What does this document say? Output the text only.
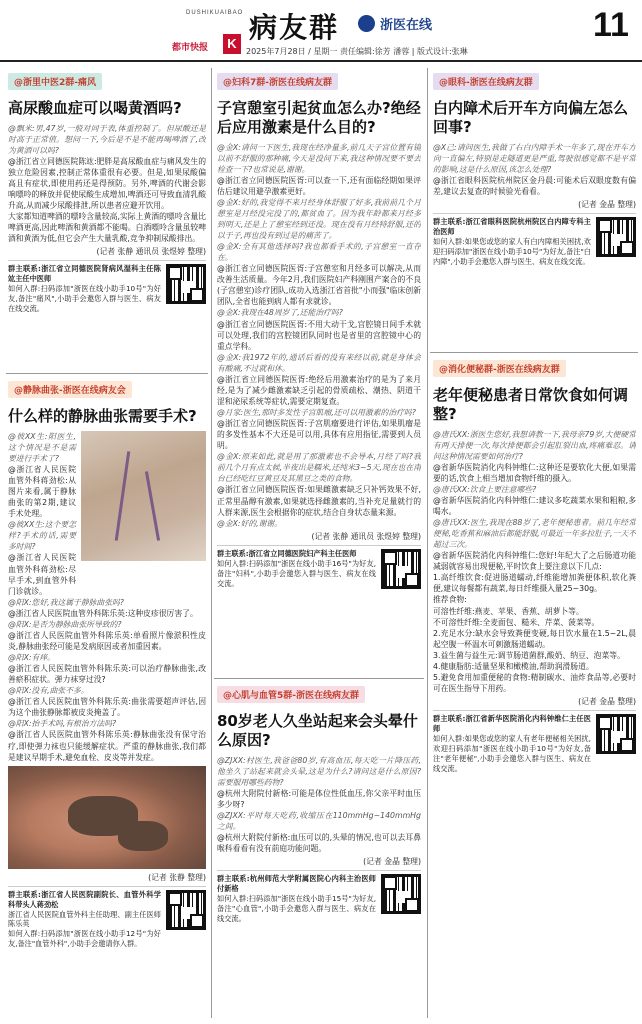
DUSHIKUAIBAO
都市快报	K 病友群	浙医在线
2025年7月28日 / 星期一 责任编辑:徐芳 潘蓉 | 版式设计:张琳
11
@浙里中医2群-痛风
高尿酸血症可以喝黄酒吗?

@飘米:男,47岁,一般对同于表,体重控制了。但尿酸还是时高于正常值。想问一下,今后是不是不能再喝啤酒了,改为黄酒可以吗?

@浙江省立同德医院陈竑:肥胖是高尿酸血症与痛风发生的独立危险因素,控制正常体重很有必要。但是,如果尿酸偏高且有症状,即使用药还是得预防。另外,啤酒的代谢会影响嘌呤的释放并促使尿酸生成增加,啤酒还可导致血清乳酸升高,从而减少尿酸排泄,所以患者应避开饮用。

大家都知道啤酒的嘌呤含量较高,实际上黄酒的嘌呤含量比啤酒更高,因此啤酒和黄酒都不能喝。白酒嘌呤含量虽较啤酒和黄酒为低,但它会产生大量乳酸,竞争抑制尿酸排出。

(记者 张静 通讯员 张煜婷 整理)

群主联系:浙江省立同德医院肾病风湿科主任陈竑主任中医师

如何入群:扫码添加"浙医在线小助手10号"为好友,备注"痛风",小助手会邀您入群与医生、病友在线交流。

@静脉曲张-浙医在线病友会
什么样的静脉曲张需要手术?

@彼XX生:阳医生,这个情况是不是需要进行手术了?

@浙江省人民医院血管外科蒋劲松:从图片来看,属于静脉曲张的第2期,建议手术处理。

@彼XX生:这个要怎样?手术的话,需要多时间?

@浙江省人民医院血管外科蒋劲松:尽早手术,到血管外科门诊就诊。

@阳X:您好,我这属于静脉曲张吗?

@浙江省人民医院血管外科陈乐英:这种皮疹很厉害了。

@阳X:是否为静脉曲张所导致的?

@浙江省人民医院血管外科陈乐英:单看照片像淤积性皮炎,静脉曲张经可能是发病原因或者加重因素。

@阳X:有痒。

@浙江省人民医院血管外科陈乐英:可以治疗静脉曲张,改善瘀积症状。弹力袜穿过没?

@阳X:没有,曲张不多。

@浙江省人民医院血管外科陈乐英:曲张需要超声评估,因为这个曲张静脉都被皮炎掩盖了。

@阳X:抬手术吗,有根治方法吗?

@浙江省人民医院血管外科陈乐英:静脉曲张没有保守治疗,即使弹力袜也只能缓解症状。严重的静脉曲张,我们都是建议早期手术,避免血栓、皮炎等并发症。

(记者 张静 整理)

群主联系:浙江省人民医院副院长、血管外科学科带头人蒋劲松

浙江省人民医院血管外科主任助理、副主任医师陈乐英

如何入群:扫码添加"浙医在线小助手12号"为好友,备注"血管外科",小助手会邀请你入群。

@妇科7群-浙医在线病友群
子宫憩室引起贫血怎么办?绝经后应用激素是什么目的?

@金X:请问一下医生,我现在经净量多,前几天子宫位置有镜以前不舒服的那种痛,今天是没问下来,我这种情况要不要去检查一下?也常说是,谢谢。

@浙江省立同德医院医胥:可以查一下,还有面临经期如果评估后建议用避孕激素更好。

@金X:好的,我觉得不来月经身体舒服了好多,我前前几个月憩室是月经没完没了的,都贫血了。因为我年龄都来月经多到明天,还是上了憩室经到还没。现在没有月经特舒服,还的以于子,再也没有到过是的痛苦了。

@金X:全有其他选择吗?我也都看手术的,子宫憩室一直存在。

@浙江省立同德医院医胥:子宫憩室和月经多可以解决,从而改善生活质量。今年2月,我们医院妇产科刚围产案合的不良(子宫憩室)诊疗团队,成功入选浙江省首批"小而强"临床创新团队,全省也能到病人都有求就诊。

@金X:我现在48周岁了,还能治疗吗?

@浙江省立同德医院医胥:不用大动干戈,宫腔镜日间手术就可以处理,我们的宫腔镜团队同时也是省里的宫腔镜中心的重点学科。

@金X:我1972年的,通话后看的没有来经以前,就是身体会有酸痛,不过就和休。

@浙江省立同德医院医胥:绝经后用激素治疗的是为了来月经,是为了减少雌激素缺乏引起的骨质疏松、潮热、阴道干涩和泌尿系统等症状,需要定期复查。

@月家:医生,那时多发性子宫肌瘤,还可以用激素的治疗吗?

@浙江省立同德医院医胥:子宫肌瘤要进行评估,如果肌瘤是的多发性基本不大还是可以用,具体有应用指征,需要到人员明。

@金X:原来如此,就是用了那激素也不会导本,月经了吗?我前几个月有点太候,半夜出是糯米,还纯米3~5天,现在也在南台已经吃红豆黄豆及其黑豆之类的食物。

@浙江省立同德医院医胥:如果雌激素缺乏只补钙效果不好,正常里晶醇有激素,如果就选择雌激素的,当补充足量就行的人群来源,医生会根据你的症状,结合自身状态量来源。

@金X:好的,谢谢。

(记者 张静 通讯员 张煜婷 整理)

群主联系:浙江省立同德医院妇产科主任医师

如何入群:扫码添加"浙医在线小助手16号"为好友,备注"妇科",小助手会邀您入群与医生、病友在线交流。

@心肌与血管5群-浙医在线病友群
80岁老人久坐站起来会头晕什么原因?

@ZJXX:村医生,我爸爸80岁,有高血压,每天吃一片降压药,他坐久了站起来就会头晕,这是为什么?请问这是什么原因?需要服用哪些药物?

@杭州大附院付新格:可能是体位性低血压,你父亲平时血压多少呀?

@ZJXX:平时每天吃药,收缩压在110mmHg~140mmHg之间。

@杭州大附院付新格:血压可以的,头晕的情况,也可以去耳鼻喉科看看有没有前庭功能问题。

(记者 金晶 整理)

群主联系:杭州师范大学附属医院心内科主治医师付新格

如何入群:扫码添加"浙医在线小助手15号"为好友,备注"心血管",小助手会邀您入群与医生、病友在线交流。

@眼科-浙医在线病友群
白内障术后开车方向偏左怎么回事?

@X己:请问医生,我做了右白内障手术一年多了,现在开车方向一直偏左,特别是走隧道更是严重,驾驶很感觉都不是平常的影响,这是什么原因,该怎么处理?

@浙江省眼科医院杭州院区金丹晨:可能术后双眼度数有偏差,建议去复查的时候验光看看。

(记者 金晶 整理)

群主联系:浙江省眼科医院杭州院区白内障专科主治医师

如何入群:如果您或您的家人有白内障相关困扰,欢迎扫码添加"浙医在线小助手10号"为好友,备注"白内障",小助手会邀您入群与医生、病友在线交流。

@消化便秘群-浙医在线病友群
老年便秘患者日常饮食如何调整?

@唐氏XX:浙医生您好,我想请教一下,我母亲79岁,大便硬常有两天排便一次,每次排便都会引起肛裂出血,疼痛难忍。请问这种情况需要如何治疗?

@省新华医院消化内科钟维仁:这种还是要软化大便,如果需要的话,饮食上相当增加食物纤维的摄入。

@唐氏XX:饮食上要注意哪些?

@省新华医院消化内科钟维仁:建议多吃蔬菜水果和粗粮,多喝水。

@唐氏XX:医生,我现在88岁了,老年便秘患者。前几年经常便秘,吃香蕉和麻油后都能舒服,可最近一年多拉肚子,一天不超过三次。

@省新华医院消化内科钟维仁:您好!年纪大了之后肠道功能减弱就容易出现便秘,平时饮食上要注意以下几点:

1.高纤维饮食:促进肠道蠕动,纤维能增加粪便体积,软化粪便,建议每餐都有蔬菜,每日纤维摄入量25~30g。

推荐食物:

可溶性纤维:燕麦、苹果、香蕉、胡萝卜等。

不可溶性纤维:全麦面包、糙米、芹菜、菠菜等。

2.充足水分:缺水会导致粪便变硬,每日饮水量在1.5~2L,晨起空腹一杯温水可刺激肠道蠕动。

3.益生菌与益生元:调节肠道菌群,酸奶、纳豆、泡菜等。

4.健康脂肪:适量坚果和橄榄油,帮助润滑肠道。

5.避免食用加重便秘的食物:精制碳水、油炸食品等,必要时可在医生指导下用药。

(记者 金晶 整理)

群主联系:浙江省新华医院消化内科钟维仁主任医师

如何入群:如果您或您的家人有老年便秘相关困扰,欢迎扫码添加"浙医在线小助手10号"为好友,备注"老年便秘",小助手会邀您入群与医生、病友在线交流。
